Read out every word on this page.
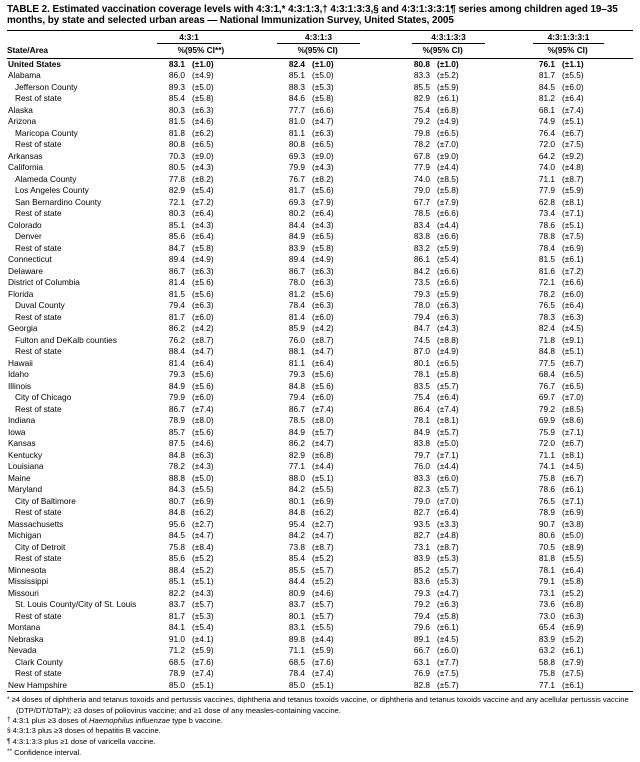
TABLE 2. Estimated vaccination coverage levels with 4:3:1,* 4:3:1:3,† 4:3:1:3:3,§ and 4:3:1:3:3:1¶ series among children aged 19–35 months, by state and selected urban areas — National Immunization Survey, United States, 2005

	4:3:1		4:3:1:3		4:3:1:3:3		4:3:1:3:3:1	

State/Area	%	(95% CI**)	%	(95% CI)	%	(95% CI)	%	(95% CI)
United States	83.1	(±1.0)	82.4	(±1.0)	80.8	(±1.0)	76.1	(±1.1)
Alabama	86.0	(±4.9)	85.1	(±5.0)	83.3	(±5.2)	81.7	(±5.5)
Jefferson County	89.3	(±5.0)	88.3	(±5.3)	85.5	(±5.9)	84.5	(±6.0)
Rest of state	85.4	(±5.8)	84.6	(±5.8)	82.9	(±6.1)	81.2	(±6.4)
Alaska	80.3	(±6.3)	77.7	(±6.6)	75.4	(±6.8)	68.1	(±7.4)
Arizona	81.5	(±4.6)	81.0	(±4.7)	79.2	(±4.9)	74.9	(±5.1)
Maricopa County	81.8	(±6.2)	81.1	(±6.3)	79.8	(±6.5)	76.4	(±6.7)
Rest of state	80.8	(±6.5)	80.8	(±6.5)	78.2	(±7.0)	72.0	(±7.5)
Arkansas	70.3	(±9.0)	69.3	(±9.0)	67.8	(±9.0)	64.2	(±9.2)
California	80.5	(±4.3)	79.9	(±4.3)	77.9	(±4.4)	74.0	(±4.8)
Alameda County	77.8	(±8.2)	76.7	(±8.2)	74.0	(±8.5)	71.1	(±8.7)
Los Angeles County	82.9	(±5.4)	81.7	(±5.6)	79.0	(±5.8)	77.9	(±5.9)
San Bernardino County	72.1	(±7.2)	69.3	(±7.9)	67.7	(±7.9)	62.8	(±8.1)
Rest of state	80.3	(±6.4)	80.2	(±6.4)	78.5	(±6.6)	73.4	(±7.1)
Colorado	85.1	(±4.3)	84.4	(±4.3)	83.4	(±4.4)	78.6	(±5.1)
Denver	85.6	(±6.4)	84.9	(±6.5)	83.8	(±6.6)	78.8	(±7.5)
Rest of state	84.7	(±5.8)	83.9	(±5.8)	83.2	(±5.9)	78.4	(±6.9)
Connecticut	89.4	(±4.9)	89.4	(±4.9)	86.1	(±5.4)	81.5	(±6.1)
Delaware	86.7	(±6.3)	86.7	(±6.3)	84.2	(±6.6)	81.6	(±7.2)
District of Columbia	81.4	(±5.6)	78.0	(±6.3)	73.5	(±6.6)	72.1	(±6.6)
Florida	81.5	(±5.6)	81.2	(±5.6)	79.3	(±5.9)	78.2	(±6.0)
Duval County	79.4	(±6.3)	78.4	(±6.3)	78.0	(±6.3)	76.5	(±6.4)
Rest of state	81.7	(±6.0)	81.4	(±6.0)	79.4	(±6.3)	78.3	(±6.3)
Georgia	86.2	(±4.2)	85.9	(±4.2)	84.7	(±4.3)	82.4	(±4.5)
Fulton and DeKalb counties	76.2	(±8.7)	76.0	(±8.7)	74.5	(±8.8)	71.8	(±9.1)
Rest of state	88.4	(±4.7)	88.1	(±4.7)	87.0	(±4.9)	84.8	(±5.1)
Hawaii	81.4	(±6.4)	81.1	(±6.4)	80.1	(±6.5)	77.5	(±6.7)
Idaho	79.3	(±5.6)	79.3	(±5.6)	78.1	(±5.8)	68.4	(±6.5)
Illinois	84.9	(±5.6)	84.8	(±5.6)	83.5	(±5.7)	76.7	(±6.5)
City of Chicago	79.9	(±6.0)	79.4	(±6.0)	75.4	(±6.4)	69.7	(±7.0)
Rest of state	86.7	(±7.4)	86.7	(±7.4)	86.4	(±7.4)	79.2	(±8.5)
Indiana	78.9	(±8.0)	78.5	(±8.0)	78.1	(±8.1)	69.9	(±8.6)
Iowa	85.7	(±5.6)	84.9	(±5.7)	84.9	(±5.7)	75.9	(±7.1)
Kansas	87.5	(±4.6)	86.2	(±4.7)	83.8	(±5.0)	72.0	(±6.7)
Kentucky	84.8	(±6.3)	82.9	(±6.8)	79.7	(±7.1)	71.1	(±8.1)
Louisiana	78.2	(±4.3)	77.1	(±4.4)	76.0	(±4.4)	74.1	(±4.5)
Maine	88.8	(±5.0)	88.0	(±5.1)	83.3	(±6.0)	75.8	(±6.7)
Maryland	84.3	(±5.5)	84.2	(±5.5)	82.3	(±5.7)	78.6	(±6.1)
City of Baltimore	80.7	(±6.9)	80.1	(±6.9)	79.0	(±7.0)	76.5	(±7.1)
Rest of state	84.8	(±6.2)	84.8	(±6.2)	82.7	(±6.4)	78.9	(±6.9)
Massachusetts	95.6	(±2.7)	95.4	(±2.7)	93.5	(±3.3)	90.7	(±3.8)
Michigan	84.5	(±4.7)	84.2	(±4.7)	82.7	(±4.8)	80.6	(±5.0)
City of Detroit	75.8	(±8.4)	73.8	(±8.7)	73.1	(±8.7)	70.5	(±8.9)
Rest of state	85.6	(±5.2)	85.4	(±5.2)	83.9	(±5.3)	81.8	(±5.5)
Minnesota	88.4	(±5.2)	85.5	(±5.7)	85.2	(±5.7)	78.1	(±6.4)
Mississippi	85.1	(±5.1)	84.4	(±5.2)	83.6	(±5.3)	79.1	(±5.8)
Missouri	82.2	(±4.3)	80.9	(±4.6)	79.3	(±4.7)	73.1	(±5.2)
St. Louis County/City of St. Louis	83.7	(±5.7)	83.7	(±5.7)	79.2	(±6.3)	73.6	(±6.8)
Rest of state	81.7	(±5.3)	80.1	(±5.7)	79.4	(±5.8)	73.0	(±6.3)
Montana	84.1	(±5.4)	83.1	(±5.5)	79.6	(±6.1)	65.4	(±6.9)
Nebraska	91.0	(±4.1)	89.8	(±4.4)	89.1	(±4.5)	83.9	(±5.2)
Nevada	71.2	(±5.9)	71.1	(±5.9)	66.7	(±6.0)	63.2	(±6.1)
Clark County	68.5	(±7.6)	68.5	(±7.6)	63.1	(±7.7)	58.8	(±7.9)
Rest of state	78.9	(±7.4)	78.4	(±7.4)	76.9	(±7.5)	75.8	(±7.5)
New Hampshire	85.0	(±5.1)	85.0	(±5.1)	82.8	(±5.7)	77.1	(±6.1)
* ≥4 doses of diphtheria and tetanus toxoids and pertussis vaccines, diphtheria and tetanus toxoids vaccine, or diphtheria and tetanus toxoids vaccine and any acellular pertussis vaccine (DTP/DT/DTaP); ≥3 doses of poliovirus vaccine; and ≥1 dose of any measles-containing vaccine.
† 4:3:1 plus ≥3 doses of Haemophilus influenzae type b vaccine.
§ 4:3:1:3 plus ≥3 doses of hepatitis B vaccine.
¶ 4:3:1:3:3 plus ≥1 dose of varicella vaccine.
** Confidence interval.
